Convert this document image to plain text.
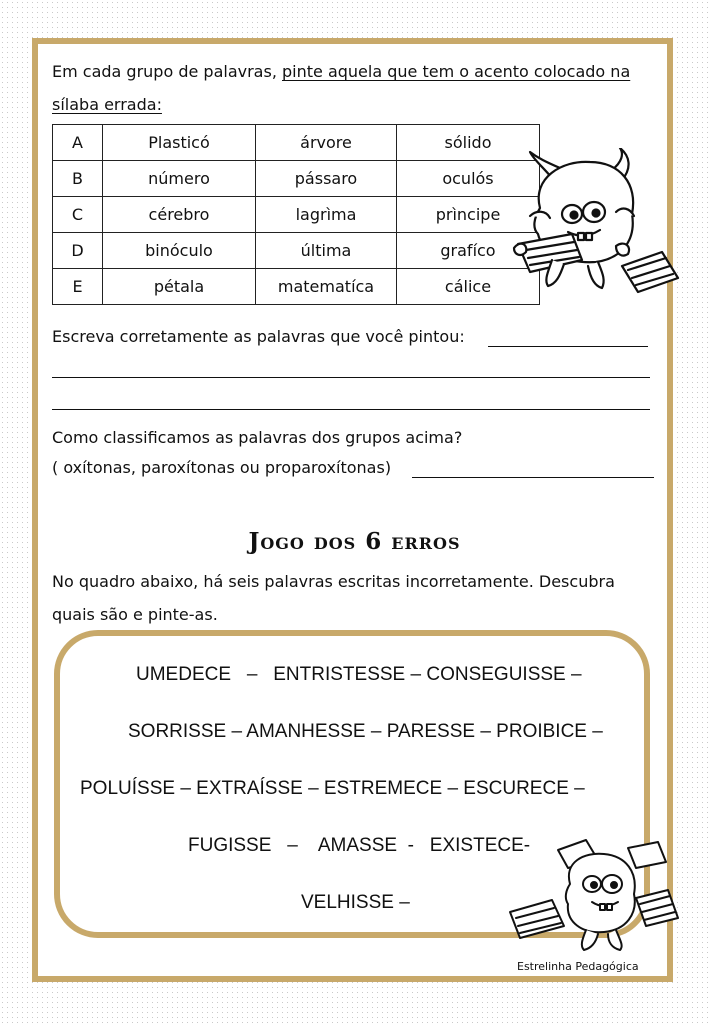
Em cada grupo de palavras, pinte aquela que tem o acento colocado na
sílaba errada:
A	Plasticó	árvore	sólido
B	número	pássaro	oculós
C	cérebro	lagrìma	prìncipe
D	binóculo	última	grafíco
E	pétala	matematíca	cálice
Escreva corretamente as palavras que você pintou:
Como classificamos as palavras dos grupos acima?
( oxítonas, paroxítonas ou proparoxítonas)
Jogo dos 6 erros
No quadro abaixo, há seis palavras escritas incorretamente. Descubra
quais são e pinte-as.
UMEDECE   –   ENTRISTESSE – CONSEGUISSE –
SORRISSE – AMANHESSE – PARESSE – PROIBICE –
POLUÍSSE – EXTRAÍSSE – ESTREMECE – ESCURECE –
FUGISSE   –    AMASSE  -   EXISTECE-
VELHISSE –
Estrelinha Pedagógica
